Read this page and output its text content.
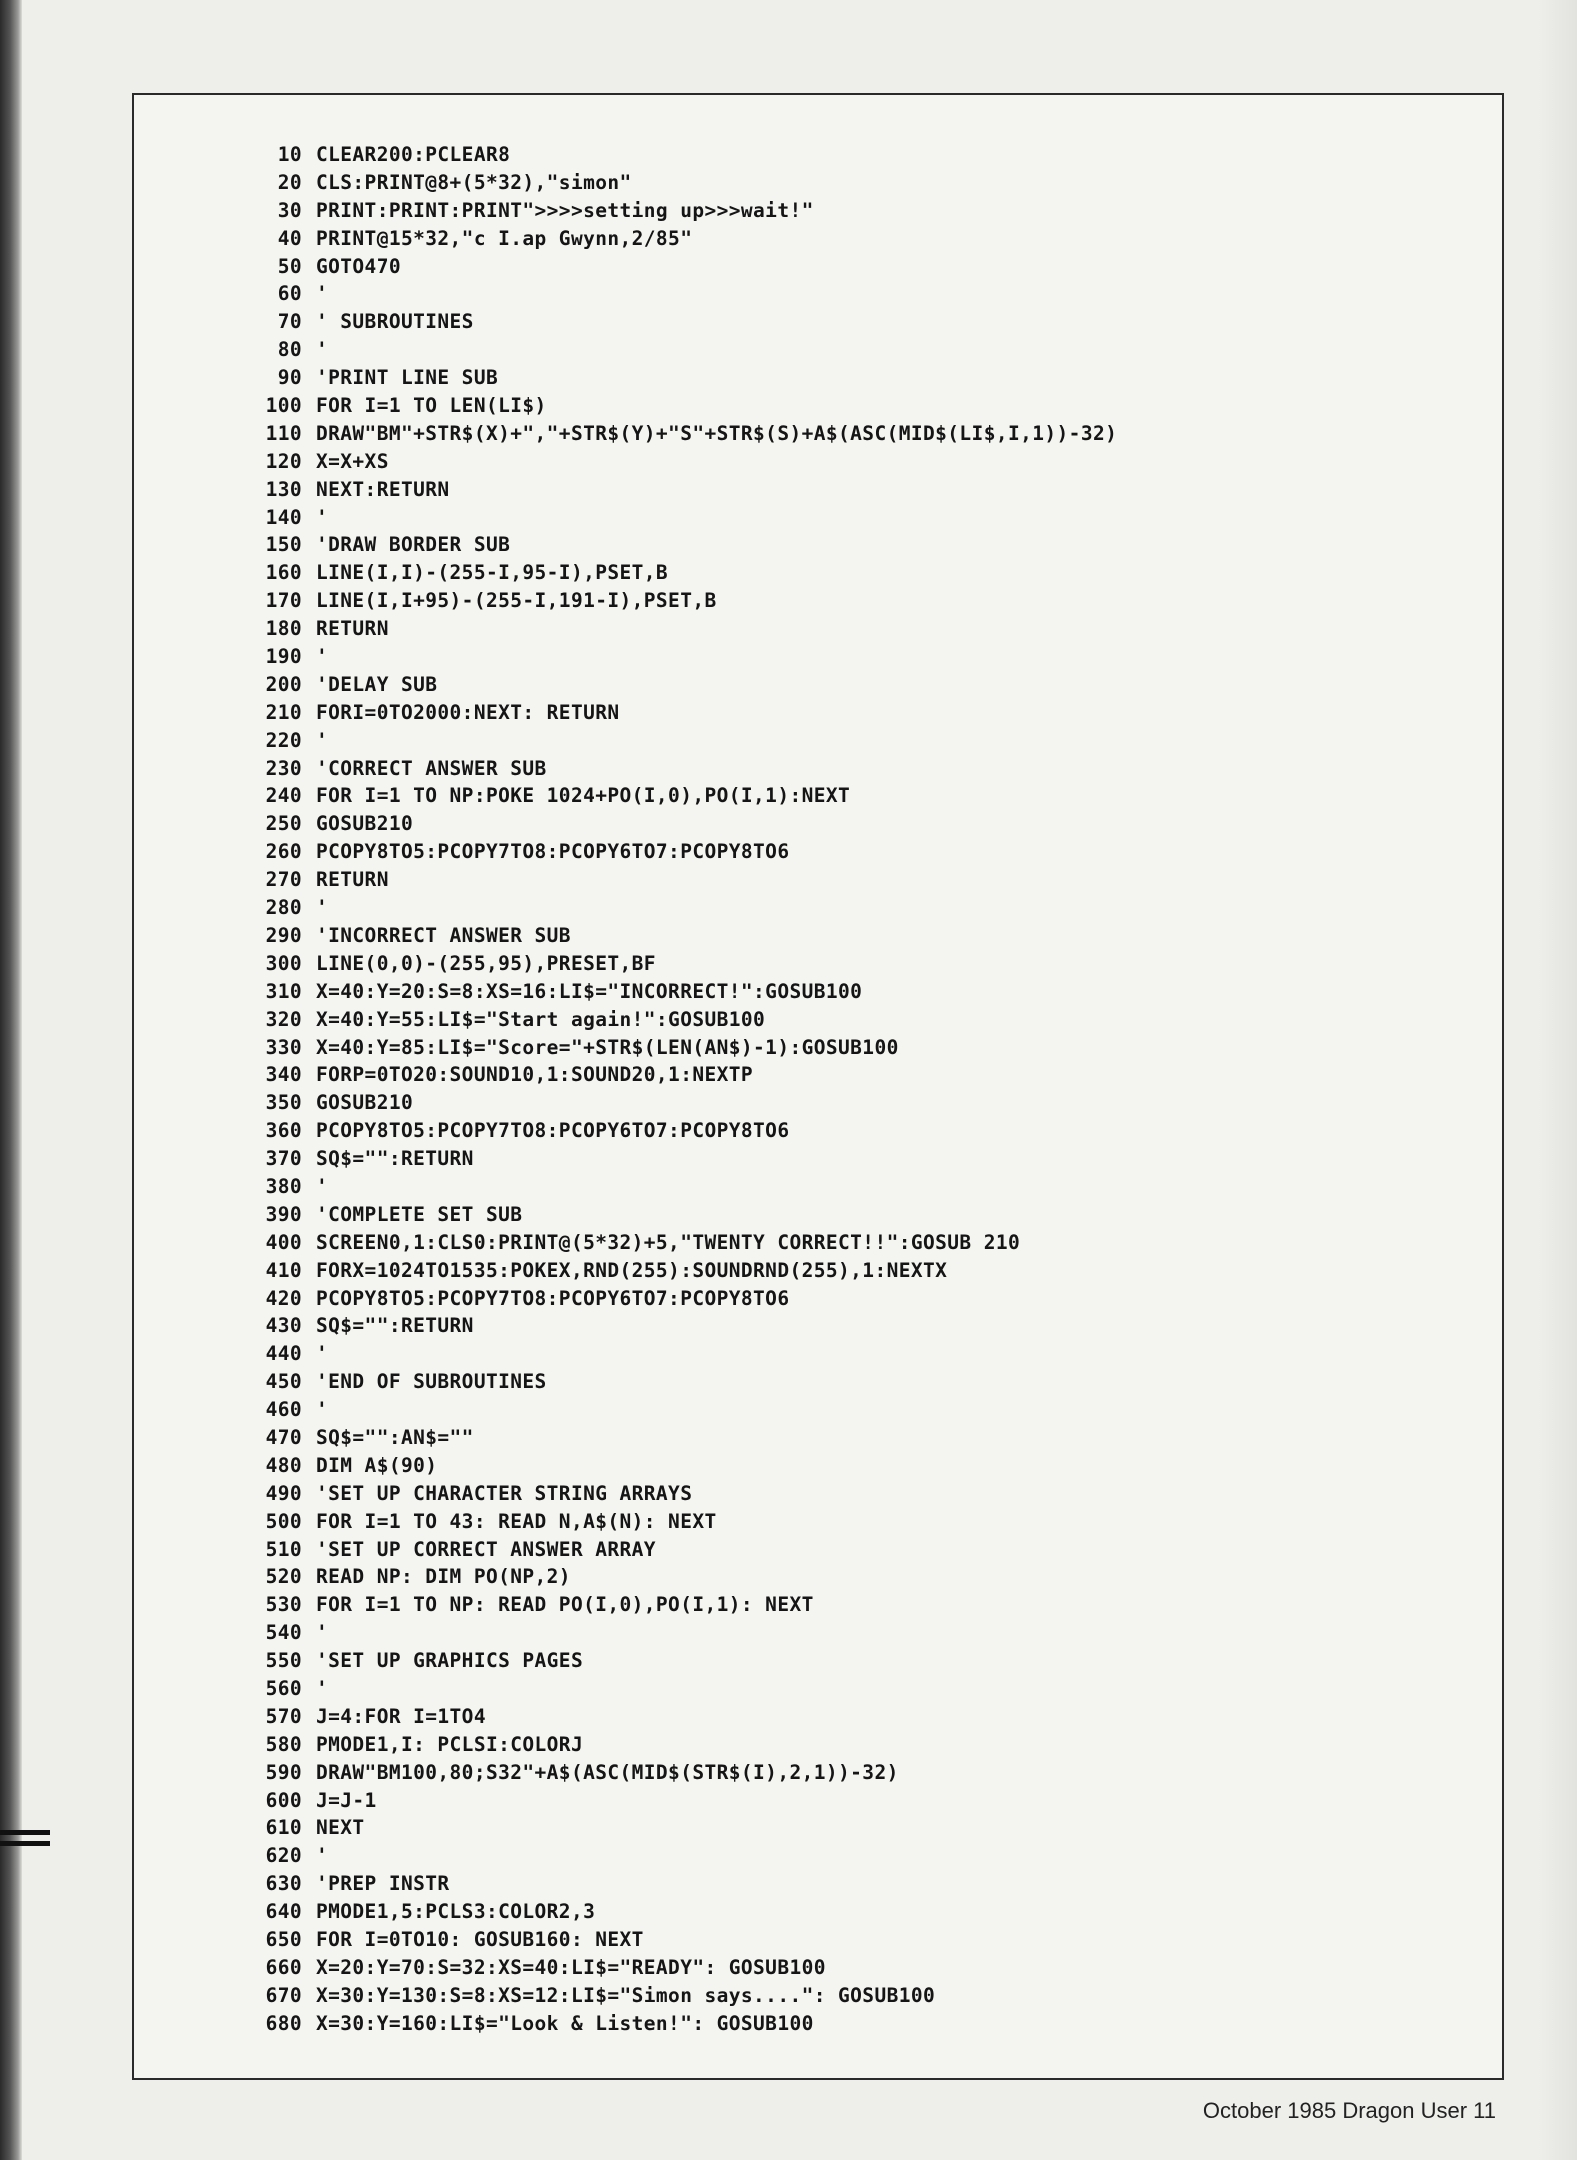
10 CLEAR200:PCLEAR8
20 CLS:PRINT@8+(5*32),"simon"
30 PRINT:PRINT:PRINT">>>>setting up>>>wait!"
40 PRINT@15*32,"c I.ap Gwynn,2/85"
50 GOTO470
60 '
70 ' SUBROUTINES
80 '
90 'PRINT LINE SUB
100 FOR I=1 TO LEN(LI$)
110 DRAW"BM"+STR$(X)+","+STR$(Y)+"S"+STR$(S)+A$(ASC(MID$(LI$,I,1))-32)
120 X=X+XS
130 NEXT:RETURN
140 '
150 'DRAW BORDER SUB
160 LINE(I,I)-(255-I,95-I),PSET,B
170 LINE(I,I+95)-(255-I,191-I),PSET,B
180 RETURN
190 '
200 'DELAY SUB
210 FORI=0TO2000:NEXT: RETURN
220 '
230 'CORRECT ANSWER SUB
240 FOR I=1 TO NP:POKE 1024+PO(I,0),PO(I,1):NEXT
250 GOSUB210
260 PCOPY8TO5:PCOPY7TO8:PCOPY6TO7:PCOPY8TO6
270 RETURN
280 '
290 'INCORRECT ANSWER SUB
300 LINE(0,0)-(255,95),PRESET,BF
310 X=40:Y=20:S=8:XS=16:LI$="INCORRECT!":GOSUB100
320 X=40:Y=55:LI$="Start again!":GOSUB100
330 X=40:Y=85:LI$="Score="+STR$(LEN(AN$)-1):GOSUB100
340 FORP=0TO20:SOUND10,1:SOUND20,1:NEXTP
350 GOSUB210
360 PCOPY8TO5:PCOPY7TO8:PCOPY6TO7:PCOPY8TO6
370 SQ$="":RETURN
380 '
390 'COMPLETE SET SUB
400 SCREEN0,1:CLS0:PRINT@(5*32)+5,"TWENTY CORRECT!!":GOSUB 210
410 FORX=1024TO1535:POKEX,RND(255):SOUNDRND(255),1:NEXTX
420 PCOPY8TO5:PCOPY7TO8:PCOPY6TO7:PCOPY8TO6
430 SQ$="":RETURN
440 '
450 'END OF SUBROUTINES
460 '
470 SQ$="":AN$=""
480 DIM A$(90)
490 'SET UP CHARACTER STRING ARRAYS
500 FOR I=1 TO 43: READ N,A$(N): NEXT
510 'SET UP CORRECT ANSWER ARRAY
520 READ NP: DIM PO(NP,2)
530 FOR I=1 TO NP: READ PO(I,0),PO(I,1): NEXT
540 '
550 'SET UP GRAPHICS PAGES
560 '
570 J=4:FOR I=1TO4
580 PMODE1,I: PCLSI:COLORJ
590 DRAW"BM100,80;S32"+A$(ASC(MID$(STR$(I),2,1))-32)
600 J=J-1
610 NEXT
620 '
630 'PREP INSTR
640 PMODE1,5:PCLS3:COLOR2,3
650 FOR I=0TO10: GOSUB160: NEXT
660 X=20:Y=70:S=32:XS=40:LI$="READY": GOSUB100
670 X=30:Y=130:S=8:XS=12:LI$="Simon says....": GOSUB100
680 X=30:Y=160:LI$="Look & Listen!": GOSUB100
October 1985 Dragon User 11
